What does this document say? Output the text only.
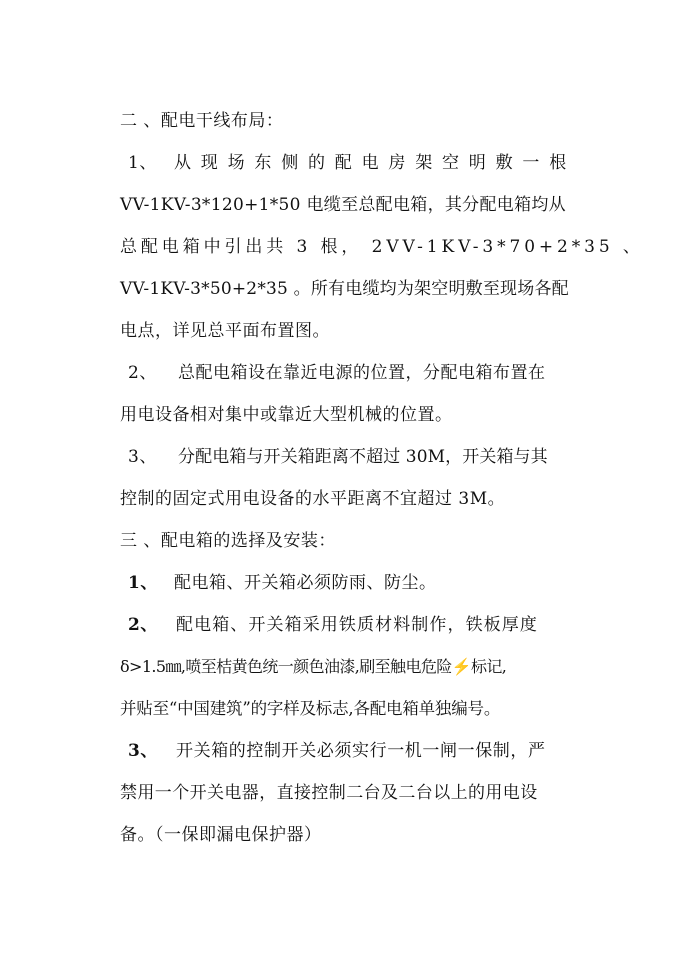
二 、配电干线布局：
1、 从现场东侧的配电房架空明敷一根
VV-1KV-3*120+1*50 电缆至总配电箱，其分配电箱均从
总配电箱中引出共 3 根， 2VV-1KV-3*70+2*35 、
VV-1KV-3*50+2*35 。所有电缆均为架空明敷至现场各配
电点，详见总平面布置图。
2、 总配电箱设在靠近电源的位置，分配电箱布置在
用电设备相对集中或靠近大型机械的位置。
3、 分配电箱与开关箱距离不超过 30M，开关箱与其
控制的固定式用电设备的水平距离不宜超过 3M。
三 、配电箱的选择及安装：
1、 配电箱、开关箱必须防雨、防尘。
2、 配电箱、开关箱采用铁质材料制作，铁板厚度
δ>1.5㎜,喷至桔黄色统一颜色油漆,刷至触电危险⚡标记,
并贴至“中国建筑”的字样及标志,各配电箱单独编号。
3、 开关箱的控制开关必须实行一机一闸一保制，严
禁用一个开关电器，直接控制二台及二台以上的用电设
备。（一保即漏电保护器）
